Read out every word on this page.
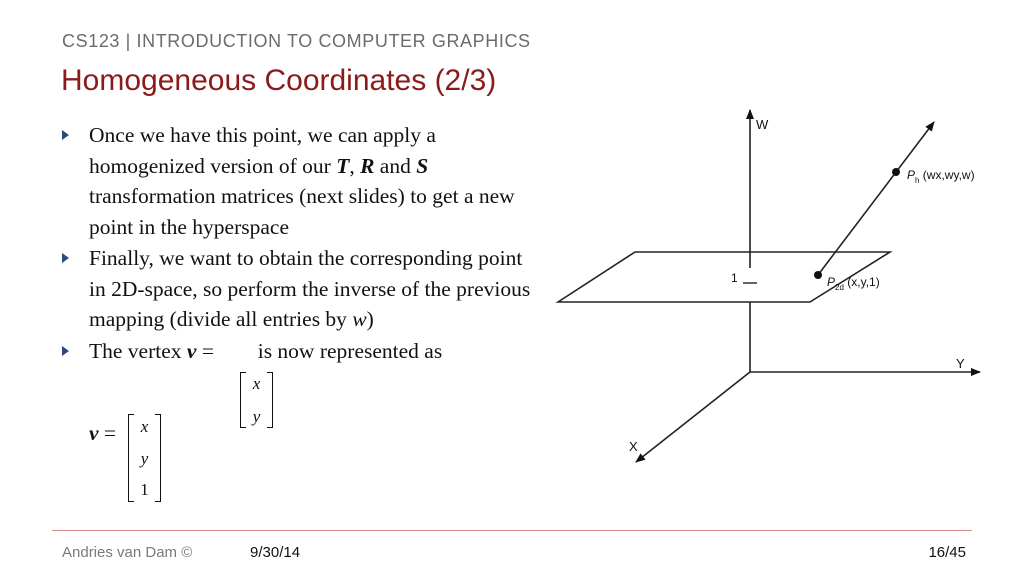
CS123 | INTRODUCTION TO COMPUTER GRAPHICS
Homogeneous Coordinates (2/3)
Once we have this point, we can apply a homogenized version of our T, R and S transformation matrices (next slides) to get a new point in the hyperspace
Finally, we want to obtain the corresponding point in 2D-space, so perform the inverse of the previous mapping (divide all entries by w)
The vertex v =  is now represented as
x
y
v = x
y
1
W
Y
X
1
$P_h$ (wx,wy,w)
$P_{2d}$ (x,y,1)
Andries van Dam ©	9/30/14	16/45
